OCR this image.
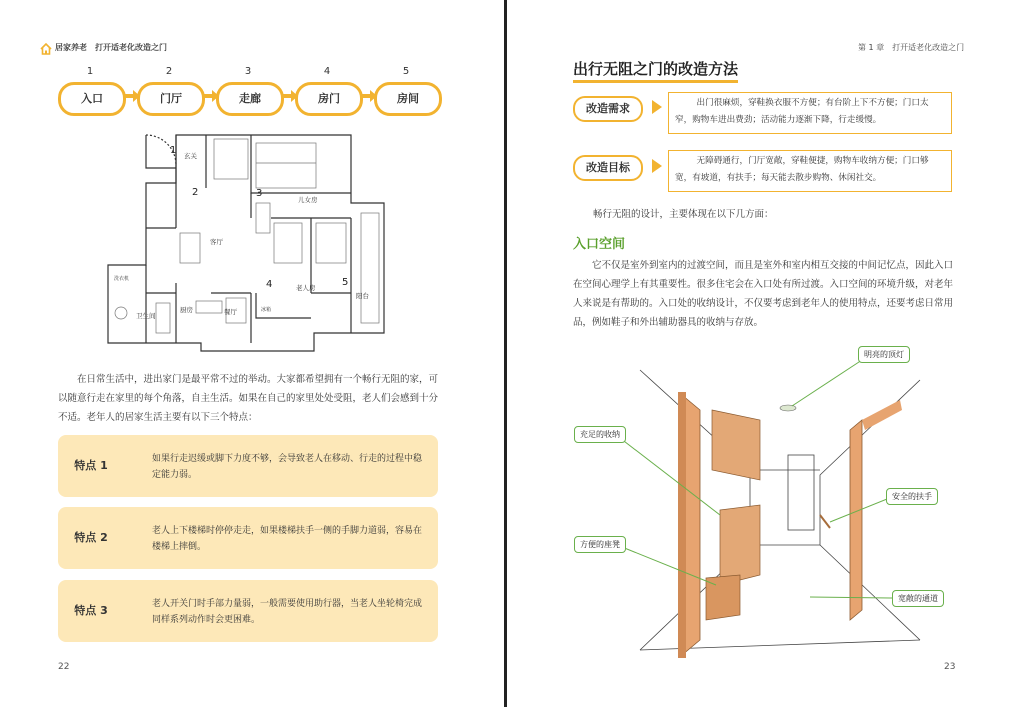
居家养老　打开适老化改造之门
1	2	3	4	5
入口	门厅	走廊	房门	房间
1
2	3
4	5
玄关
儿女房
客厅
老人房
阳台
厨房	餐厅
卫生间
洗衣机
冰箱
在日常生活中，进出家门是最平常不过的举动。大家都希望拥有一个畅行无阻的家，可以随意行走在家里的每个角落，自主生活。如果在自己的家里处处受阻，老人们会感到十分不适。老年人的居家生活主要有以下三个特点：
特点 1	如果行走迟缓或脚下力度不够，会导致老人在移动、行走的过程中稳定能力弱。
特点 2	老人上下楼梯时停停走走，如果楼梯扶手一侧的手脚力道弱，容易在楼梯上摔倒。
特点 3	老人开关门时手部力量弱，一般需要使用助行器，当老人坐轮椅完成同样系列动作时会更困难。
22
第 1 章　打开适老化改造之门
出行无阻之门的改造方法
改造需求	出门很麻烦，穿鞋换衣服不方便；有台阶上下不方便；门口太窄，购物车进出费劲；活动能力逐渐下降，行走缓慢。
改造目标	无障碍通行，门厅宽敞，穿鞋便捷，购物车收纳方便；门口够宽，有坡道，有扶手；每天能去散步购物、休闲社交。
畅行无阻的设计，主要体现在以下几方面：
入口空间
它不仅是室外到室内的过渡空间，而且是室外和室内相互交接的中间记忆点，因此入口在空间心理学上有其重要性。很多住宅会在入口处有所过渡。入口空间的环境升级，对老年人来说是有帮助的。入口处的收纳设计，不仅要考虑到老年人的使用特点，还要考虑日常用品，例如鞋子和外出辅助器具的收纳与存放。
明亮的顶灯
充足的收纳
安全的扶手
方便的座凳
宽敞的通道
23
